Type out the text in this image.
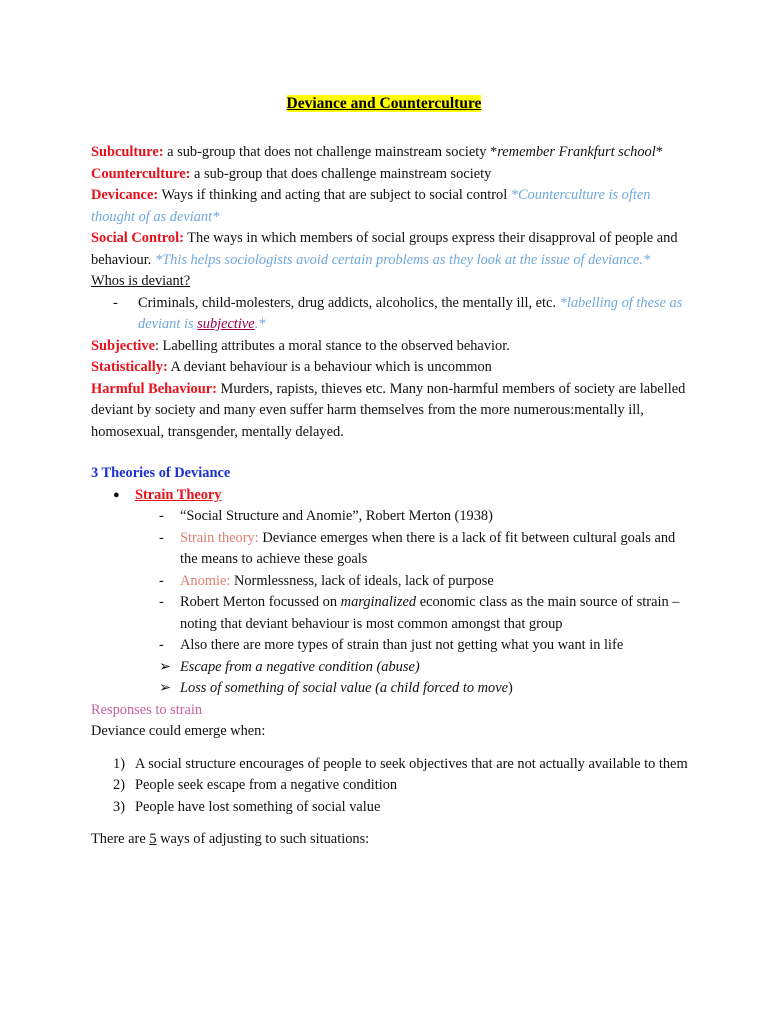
Deviance and Counterculture

Subculture: a sub-group that does not challenge mainstream society *remember Frankfurt school*

Counterculture: a sub-group that does challenge mainstream society

Devicance: Ways if thinking and acting that are subject to social control *Counterculture is often thought of as deviant*

Social Control: The ways in which members of social groups express their disapproval of people and behaviour. *This helps sociologists avoid certain problems as they look at the issue of deviance.*

Whos is deviant?

- Criminals, child-molesters, drug addicts, alcoholics, the mentally ill, etc. *labelling of these as deviant is subjective.*

Subjective: Labelling attributes a moral stance to the observed behavior.

Statistically: A deviant behaviour is a behaviour which is uncommon

Harmful Behaviour: Murders, rapists, thieves etc. Many non-harmful members of society are labelled deviant by society and many even suffer harm themselves from the more numerous:mentally ill, homosexual, transgender, mentally delayed.

3 Theories of Deviance

● Strain Theory

- “Social Structure and Anomie”, Robert Merton (1938)

- Strain theory: Deviance emerges when there is a lack of fit between cultural goals and the means to achieve these goals

- Anomie: Normlessness, lack of ideals, lack of purpose

- Robert Merton focussed on marginalized economic class as the main source of strain – noting that deviant behaviour is most common amongst that group

- Also there are more types of strain than just not getting what you want in life

➢ Escape from a negative condition (abuse)

➢ Loss of something of social value (a child forced to move)

Responses to strain

Deviance could emerge when:

1) A social structure encourages of people to seek objectives that are not actually available to them

2) People seek escape from a negative condition

3) People have lost something of social value

There are 5 ways of adjusting to such situations:
